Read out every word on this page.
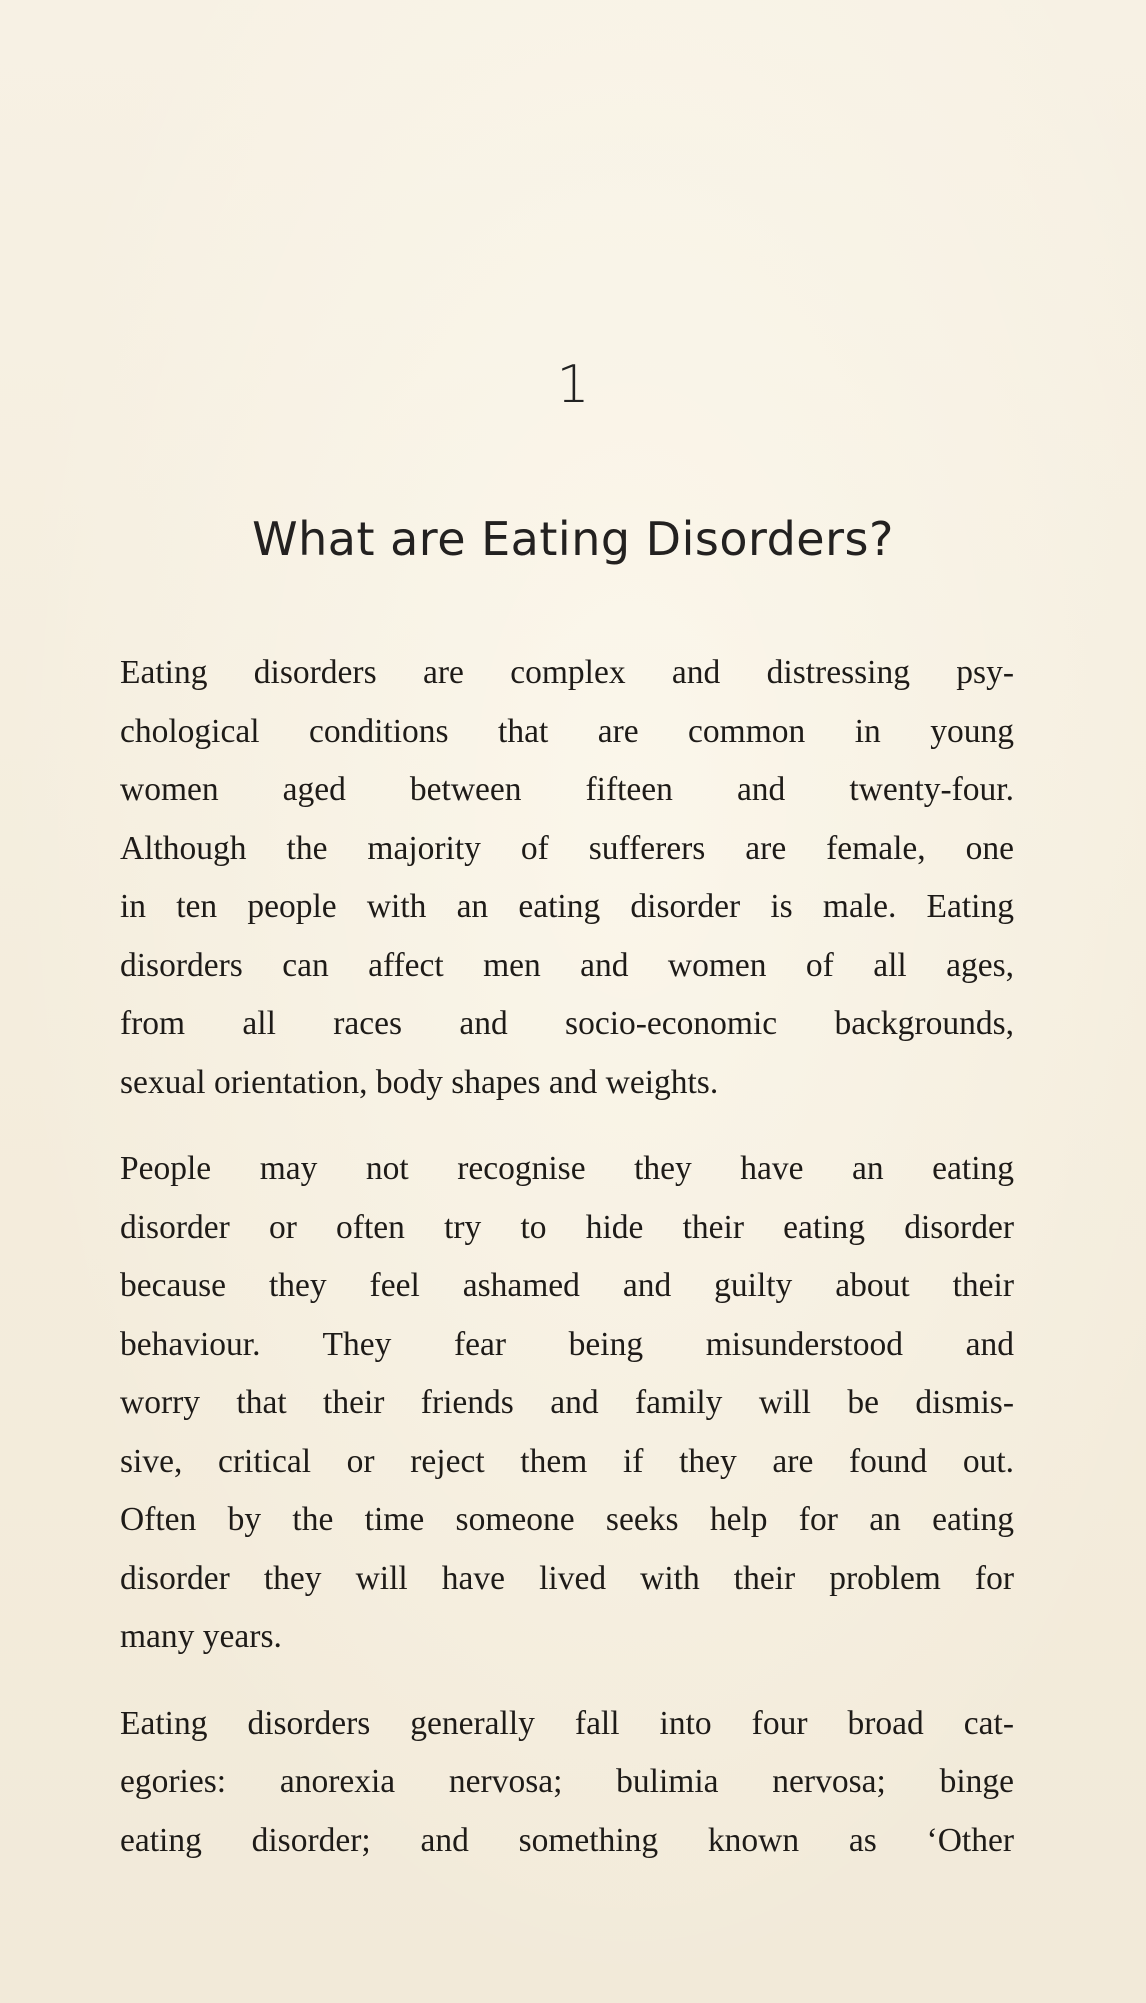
1
What are Eating Disorders?

Eating disorders are complex and distressing psy-
chological conditions that are common in young
women aged between fifteen and twenty-four.
Although the majority of sufferers are female, one
in ten people with an eating disorder is male. Eating
disorders can affect men and women of all ages,
from all races and socio-economic backgrounds,
sexual orientation, body shapes and weights.

People may not recognise they have an eating
disorder or often try to hide their eating disorder
because they feel ashamed and guilty about their
behaviour. They fear being misunderstood and
worry that their friends and family will be dismis-
sive, critical or reject them if they are found out.
Often by the time someone seeks help for an eating
disorder they will have lived with their problem for
many years.

Eating disorders generally fall into four broad cat-
egories: anorexia nervosa; bulimia nervosa; binge
eating disorder; and something known as ‘Other
